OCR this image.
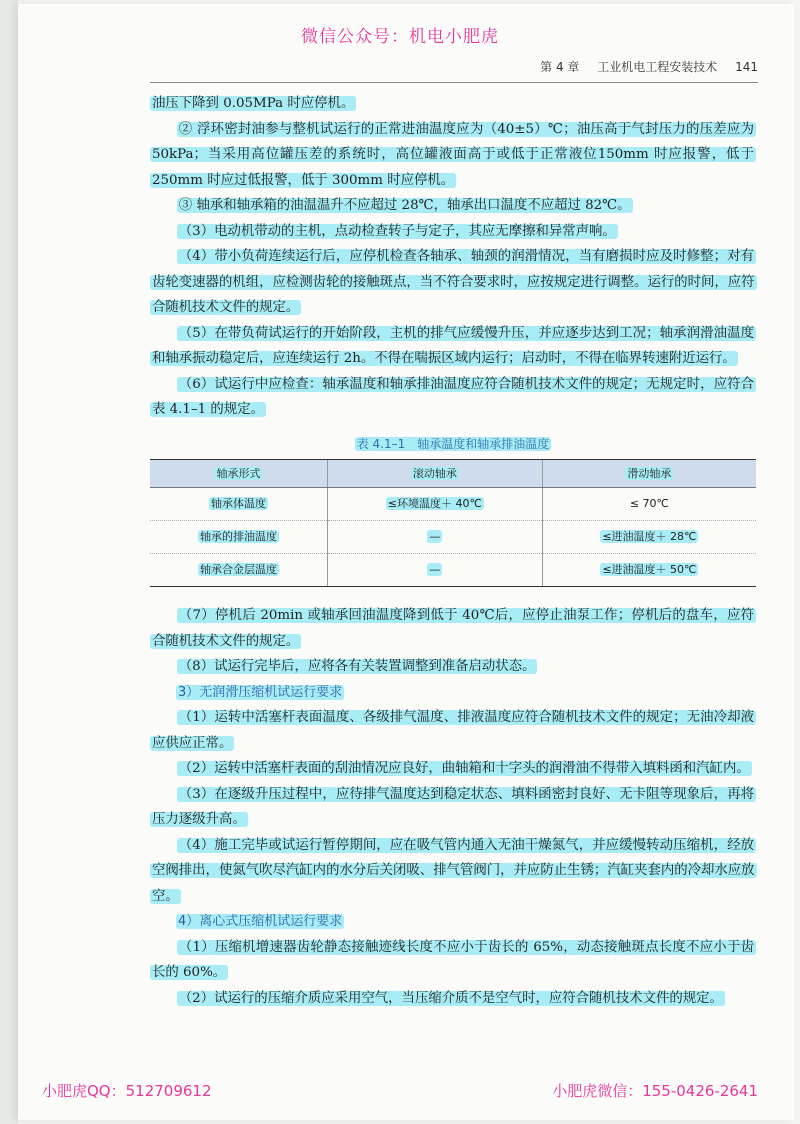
微信公众号：机电小肥虎
第 4 章 工业机电工程安装技术 141

油压下降到 0.05MPa 时应停机。

② 浮环密封油参与整机试运行的正常进油温度应为（40±5）℃；油压高于气封压力的压差应为 50kPa；当采用高位罐压差的系统时，高位罐液面高于或低于正常液位150mm 时应报警，低于 250mm 时应过低报警，低于 300mm 时应停机。

③ 轴承和轴承箱的油温温升不应超过 28℃，轴承出口温度不应超过 82℃。

（3）电动机带动的主机，点动检查转子与定子，其应无摩擦和异常声响。

（4）带小负荷连续运行后，应停机检查各轴承、轴颈的润滑情况，当有磨损时应及时修整；对有齿轮变速器的机组，应检测齿轮的接触斑点，当不符合要求时，应按规定进行调整。运行的时间，应符合随机技术文件的规定。

（5）在带负荷试运行的开始阶段，主机的排气应缓慢升压，并应逐步达到工况；轴承润滑油温度和轴承振动稳定后，应连续运行 2h。不得在喘振区域内运行；启动时，不得在临界转速附近运行。

（6）试运行中应检查：轴承温度和轴承排油温度应符合随机技术文件的规定；无规定时，应符合表 4.1–1 的规定。

表 4.1–1　轴承温度和轴承排油温度
轴承形式	滚动轴承	滑动轴承
轴承体温度	≤环境温度＋ 40℃	≤ 70℃
轴承的排油温度	—	≤进油温度＋ 28℃
轴承合金层温度	—	≤进油温度＋ 50℃

（7）停机后 20min 或轴承回油温度降到低于 40℃后，应停止油泵工作；停机后的盘车，应符合随机技术文件的规定。

（8）试运行完毕后，应将各有关装置调整到准备启动状态。

3）无润滑压缩机试运行要求

（1）运转中活塞杆表面温度、各级排气温度、排液温度应符合随机技术文件的规定；无油冷却液应供应正常。

（2）运转中活塞杆表面的刮油情况应良好，曲轴箱和十字头的润滑油不得带入填料函和汽缸内。

（3）在逐级升压过程中，应待排气温度达到稳定状态、填料函密封良好、无卡阻等现象后，再将压力逐级升高。

（4）施工完毕或试运行暂停期间，应在吸气管内通入无油干燥氮气，并应缓慢转动压缩机，经放空阀排出，使氮气吹尽汽缸内的水分后关闭吸、排气管阀门，并应防止生锈；汽缸夹套内的冷却水应放空。

4）离心式压缩机试运行要求

（1）压缩机增速器齿轮静态接触迹线长度不应小于齿长的 65%，动态接触斑点长度不应小于齿长的 60%。

（2）试运行的压缩介质应采用空气，当压缩介质不是空气时，应符合随机技术文件的规定。

小肥虎QQ：512709612	小肥虎微信：155-0426-2641
